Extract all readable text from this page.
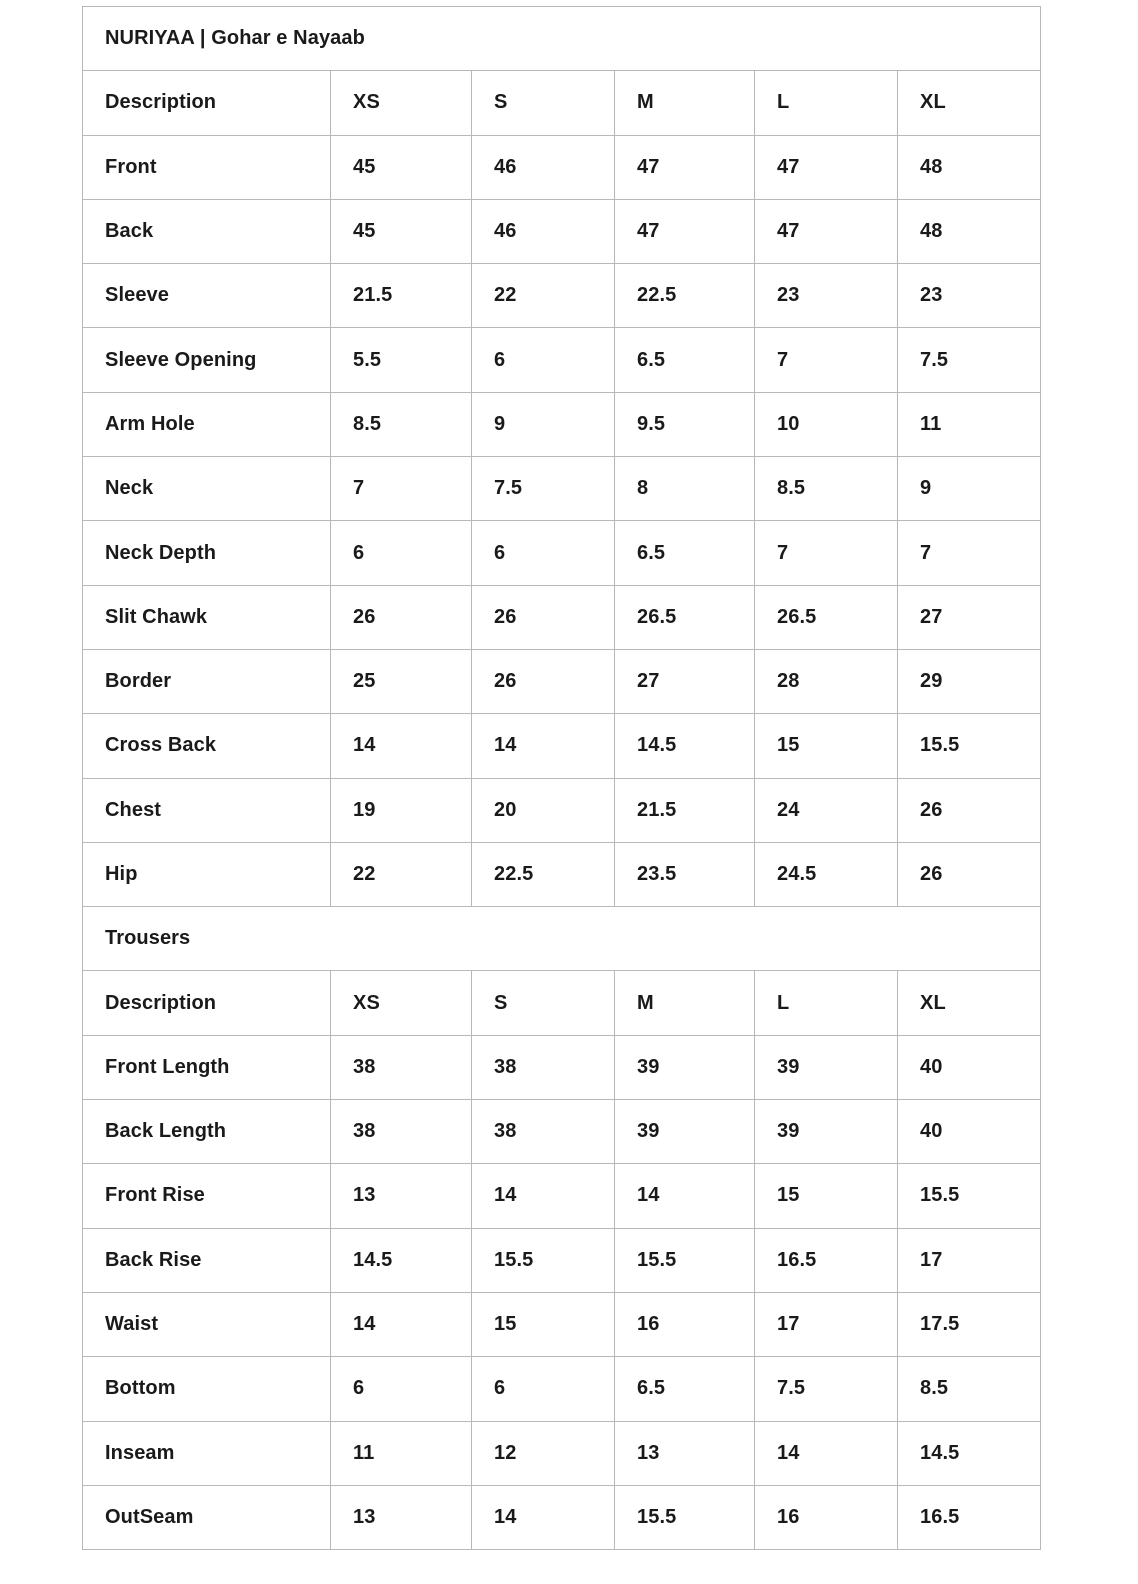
NURIYAA | Gohar e Nayaab					
Description	XS	S	M	L	XL
Front	45	46	47	47	48
Back	45	46	47	47	48
Sleeve	21.5	22	22.5	23	23
Sleeve Opening	5.5	6	6.5	7	7.5
Arm Hole	8.5	9	9.5	10	11
Neck	7	7.5	8	8.5	9
Neck Depth	6	6	6.5	7	7
Slit Chawk	26	26	26.5	26.5	27
Border	25	26	27	28	29
Cross Back	14	14	14.5	15	15.5
Chest	19	20	21.5	24	26
Hip	22	22.5	23.5	24.5	26
Trousers					
Description	XS	S	M	L	XL
Front Length	38	38	39	39	40
Back Length	38	38	39	39	40
Front Rise	13	14	14	15	15.5
Back Rise	14.5	15.5	15.5	16.5	17
Waist	14	15	16	17	17.5
Bottom	6	6	6.5	7.5	8.5
Inseam	11	12	13	14	14.5
OutSeam	13	14	15.5	16	16.5
